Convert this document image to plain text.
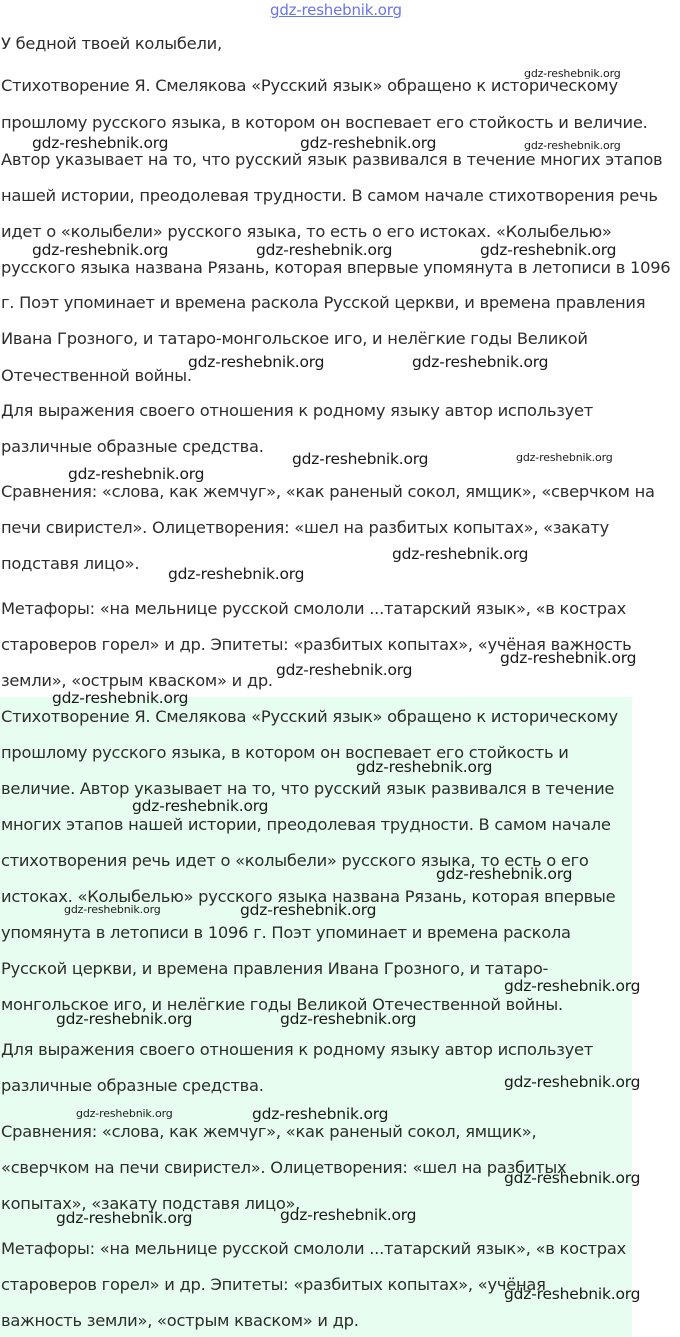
У бедной твоей колыбели,
Стихотворение Я. Смелякова «Русский язык» обращено к историческому
прошлому русского языка, в котором он воспевает его стойкость и величие.
Автор указывает на то, что русский язык развивался в течение многих этапов
нашей истории, преодолевая трудности. В самом начале стихотворения речь
идет о «колыбели» русского языка, то есть о его истоках. «Колыбелью»
русского языка названа Рязань, которая впервые упомянута в летописи в 1096
г. Поэт упоминает и времена раскола Русской церкви, и времена правления
Ивана Грозного, и татаро-монгольское иго, и нелёгкие годы Великой
Отечественной войны.
Для выражения своего отношения к родному языку автор использует
различные образные средства.
Сравнения: «слова, как жемчуг», «как раненый сокол, ямщик», «сверчком на
печи свиристел». Олицетворения: «шел на разбитых копытах», «закату
подставя лицо».
Метафоры: «на мельнице русской смололи ...татарский язык», «в кострах
староверов горел» и др. Эпитеты: «разбитых копытах», «учёная важность
земли», «острым кваском» и др.
Стихотворение Я. Смелякова «Русский язык» обращено к историческому
прошлому русского языка, в котором он воспевает его стойкость и
величие. Автор указывает на то, что русский язык развивался в течение
многих этапов нашей истории, преодолевая трудности. В самом начале
стихотворения речь идет о «колыбели» русского языка, то есть о его
истоках. «Колыбелью» русского языка названа Рязань, которая впервые
упомянута в летописи в 1096 г. Поэт упоминает и времена раскола
Русской церкви, и времена правления Ивана Грозного, и татаро-
монгольское иго, и нелёгкие годы Великой Отечественной войны.
Для выражения своего отношения к родному языку автор использует
различные образные средства.
Сравнения: «слова, как жемчуг», «как раненый сокол, ямщик»,
«сверчком на печи свиристел». Олицетворения: «шел на разбитых
копытах», «закату подставя лицо».
Метафоры: «на мельнице русской смололи ...татарский язык», «в кострах
староверов горел» и др. Эпитеты: «разбитых копытах», «учёная
важность земли», «острым кваском» и др.
gdz-reshebnik.org
gdz-reshebnik.org
gdz-reshebnik.org	gdz-reshebnik.org	gdz-reshebnik.org
gdz-reshebnik.org	gdz-reshebnik.org	gdz-reshebnik.org
gdz-reshebnik.org	gdz-reshebnik.org
gdz-reshebnik.org	gdz-reshebnik.org
gdz-reshebnik.org
gdz-reshebnik.org
gdz-reshebnik.org
gdz-reshebnik.org
gdz-reshebnik.org
gdz-reshebnik.org
gdz-reshebnik.org
gdz-reshebnik.org
gdz-reshebnik.org
gdz-reshebnik.org	gdz-reshebnik.org
gdz-reshebnik.org
gdz-reshebnik.org	gdz-reshebnik.org
gdz-reshebnik.org
gdz-reshebnik.org	gdz-reshebnik.org
gdz-reshebnik.org
gdz-reshebnik.org	gdz-reshebnik.org
gdz-reshebnik.org
